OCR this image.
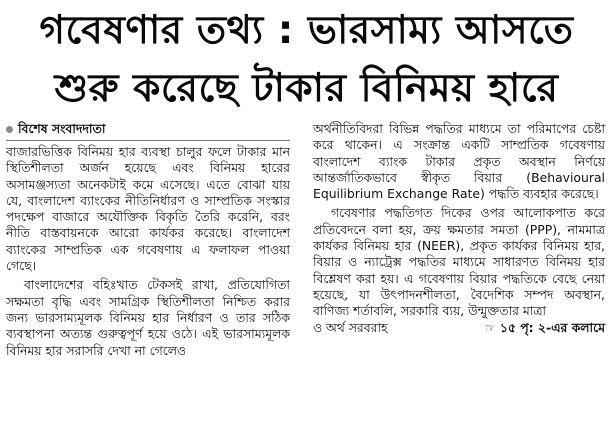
গবেষণার তথ্য : ভারসাম্য আসতে
শুরু করেছে টাকার বিনিময় হারে
বিশেষ সংবাদদাতা

বাজারভিত্তিক বিনিময় হার ব্যবস্থা চালুর ফলে টাকার মান স্থিতিশীলতা অর্জন হয়েছে এবং বিনিময় হারের অসামঞ্জস্যতা অনেকটাই কমে এসেছে। এতে বোঝা যায় যে, বাংলাদেশ ব্যাংকের নীতিনির্ধারণ ও সাম্প্রতিক সংস্কার পদক্ষেপ বাজারে অযৌক্তিক বিকৃতি তৈরি করেনি, বরং নীতি বাস্তবায়নকে আরো কার্যকর করেছে। বাংলাদেশ ব্যাংকের সাম্প্রতিক এক গবেষণায় এ ফলাফল পাওয়া গেছে।

বাংলাদেশের বহিঃখাত টেকসই রাখা, প্রতিযোগিতা সক্ষমতা বৃদ্ধি এবং সামগ্রিক স্থিতিশীলতা নিশ্চিত করার জন্য ভারসাম্যমূলক বিনিময় হার নির্ধারণ ও তার সঠিক ব্যবস্থাপনা অত্যন্ত গুরুত্বপূর্ণ হয়ে ওঠে। এই ভারসাম্যমূলক বিনিময় হার সরাসরি দেখা না গেলেও

অর্থনীতিবিদরা বিভিন্ন পদ্ধতির মাধ্যমে তা পরিমাপের চেষ্টা করে থাকেন। এ সংক্রান্ত একটি সাম্প্রতিক গবেষণায় বাংলাদেশ ব্যাংক টাকার প্রকৃত অবস্থান নির্ণয়ে আন্তর্জাতিকভাবে স্বীকৃত বিয়ার (Behavioural Equilibrium Exchange Rate) পদ্ধতি ব্যবহার করেছে।

গবেষণার পদ্ধতিগত দিকের ওপর আলোকপাত করে প্রতিবেদনে বলা হয়, ক্রয় ক্ষমতার সমতা (PPP), নামমাত্র কার্যকর বিনিময় হার (NEER), প্রকৃত কার্যকর বিনিময় হার, বিয়ার ও ন্যাট্রেক্স পদ্ধতির মাধ্যমে সাধারণত বিনিময় হার বিশ্লেষণ করা হয়। এ গবেষণায় বিয়ার পদ্ধতিকে বেছে নেয়া হয়েছে, যা উৎপাদনশীলতা, বৈদেশিক সম্পদ অবস্থান, বাণিজ্য শর্তাবলি, সরকারি ব্যয়, উন্মুক্ততার মাত্রা

ও অর্থ সরবরাহ	☞ ১৫ পৃ: ২-এর কলামে
